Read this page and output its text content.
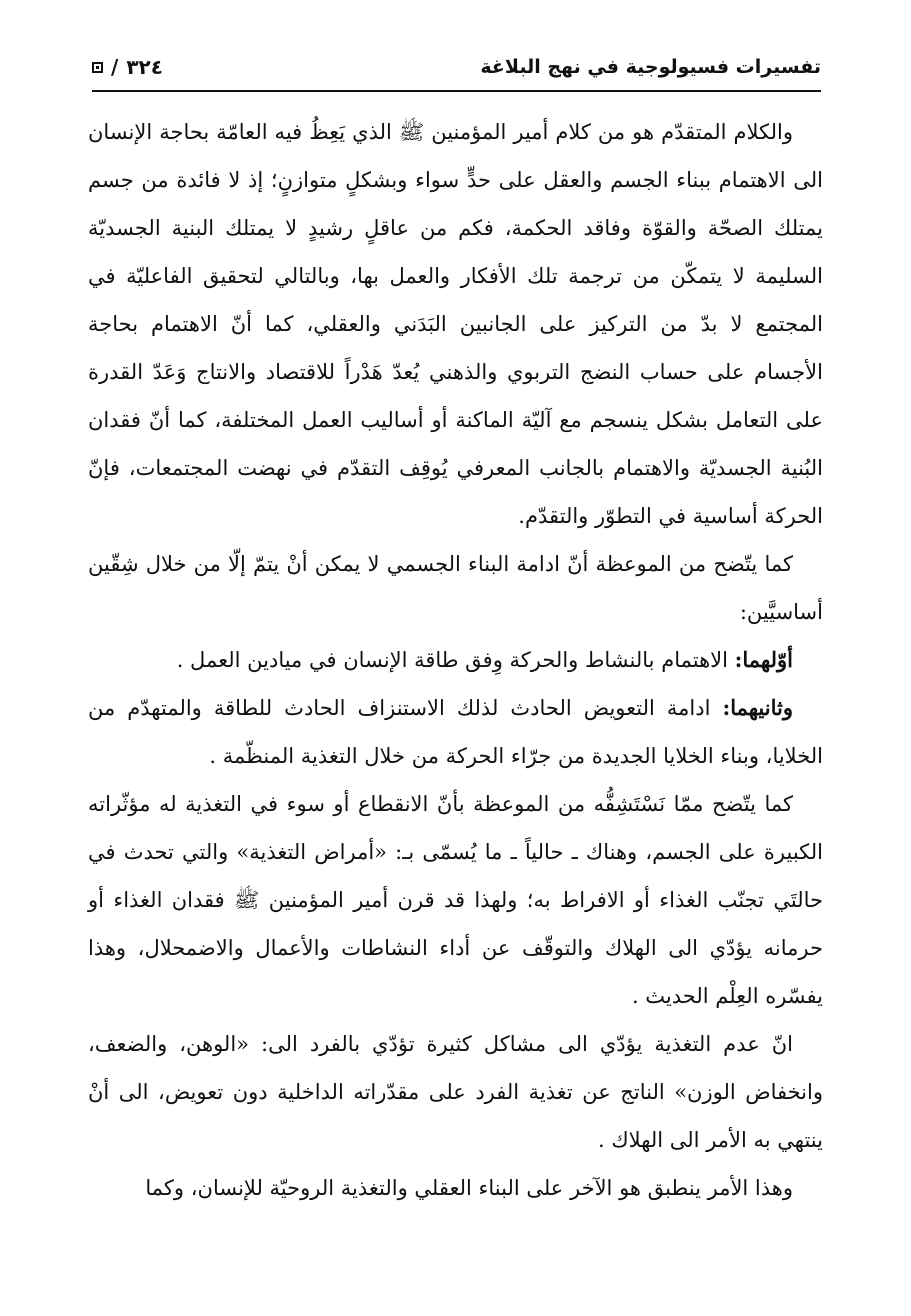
تفسيرات فسيولوجية في نهج البلاغة
٣٢٤
/

والكلام المتقدّم هو من كلام أمير المؤمنين ﷺ الذي يَعِظُ فيه العامّة بحاجة الإنسان الى الاهتمام ببناء الجسم والعقل على حدٍّ سواء وبشكلٍ متوازنٍ؛ إذ لا فائدة من جسم يمتلك الصحّة والقوّة وفاقد الحكمة، فكم من عاقلٍ رشيدٍ لا يمتلك البنية الجسديّة السليمة لا يتمكّن من ترجمة تلك الأفكار والعمل بها، وبالتالي لتحقيق الفاعليّة في المجتمع لا بدّ من التركيز على الجانبين البَدَني والعقلي، كما أنّ الاهتمام بحاجة الأجسام على حساب النضج التربوي والذهني يُعدّ هَدْراً للاقتصاد والانتاج وَعَدّ القدرة على التعامل بشكل ينسجم مع آليّة الماكنة أو أساليب العمل المختلفة، كما أنّ فقدان البُنية الجسديّة والاهتمام بالجانب المعرفي يُوقِف التقدّم في نهضت المجتمعات، فإنّ الحركة أساسية في التطوّر والتقدّم.

كما يتّضح من الموعظة أنّ ادامة البناء الجسمي لا يمكن أنْ يتمّ إلّا من خلال شِقّين أساسيَّين:

أوّلهما: الاهتمام بالنشاط والحركة وِفق طاقة الإنسان في ميادين العمل .

وثانيهما: ادامة التعويض الحادث لذلك الاستنزاف الحادث للطاقة والمتهدّم من الخلايا، وبناء الخلايا الجديدة من جرّاء الحركة من خلال التغذية المنظّمة .

كما يتّضح ممّا نَسْتَشِفُّه من الموعظة بأنّ الانقطاع أو سوء في التغذية له مؤثّراته الكبيرة على الجسم، وهناك ـ حالياً ـ ما يُسمّى بـ: «أمراض التغذية» والتي تحدث في حالتَي تجنّب الغذاء أو الافراط به؛ ولهذا قد قرن أمير المؤمنين ﷺ فقدان الغذاء أو حرمانه يؤدّي الى الهلاك والتوقّف عن أداء النشاطات والأعمال والاضمحلال، وهذا يفسّره العِلْم الحديث .

انّ عدم التغذية يؤدّي الى مشاكل كثيرة تؤدّي بالفرد الى: «الوهن، والضعف، وانخفاض الوزن» الناتج عن تغذية الفرد على مقدّراته الداخلية دون تعويض، الى أنْ ينتهي به الأمر الى الهلاك .

وهذا الأمر ينطبق هو الآخر على البناء العقلي والتغذية الروحيّة للإنسان، وكما
